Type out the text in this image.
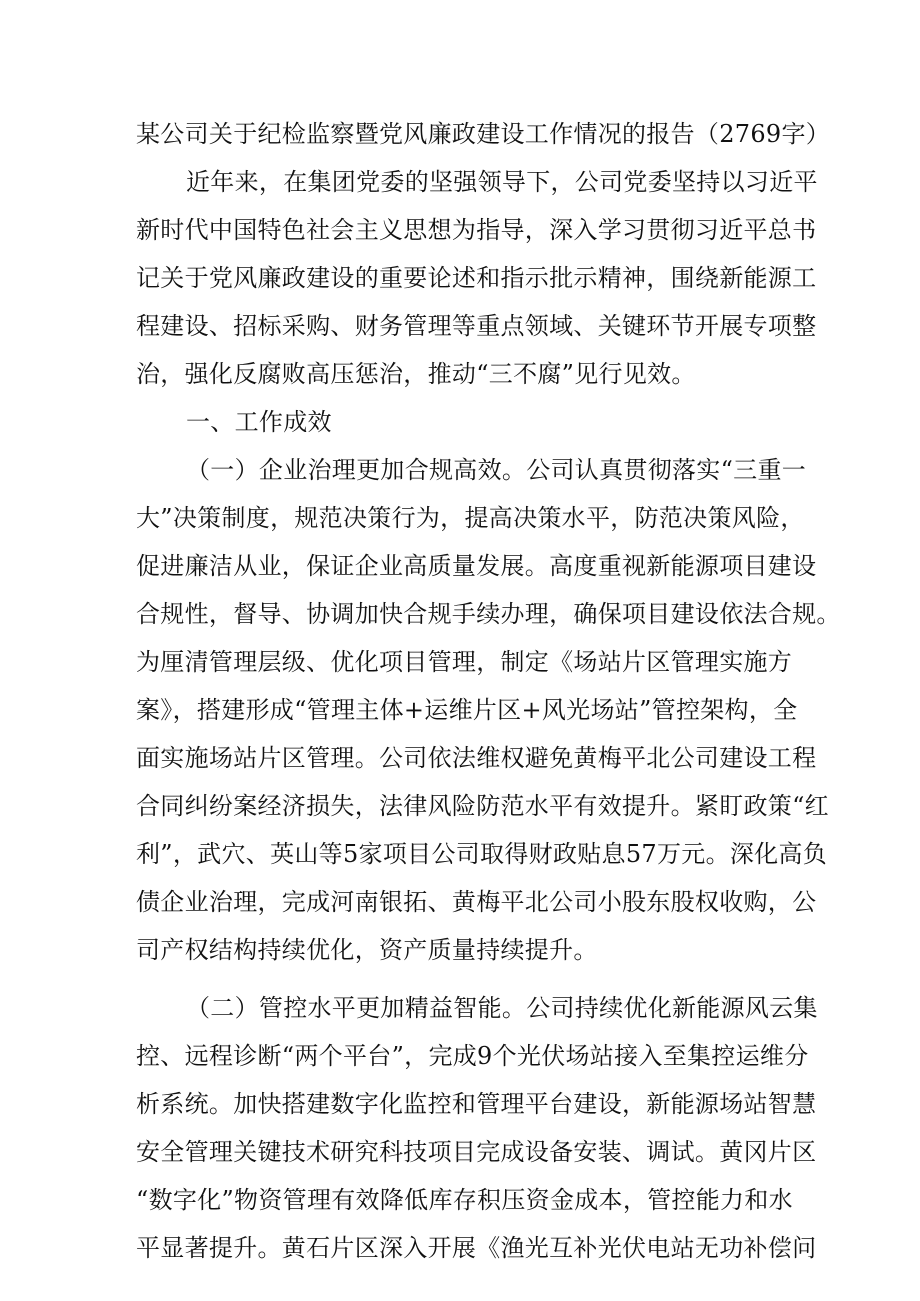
某公司关于纪检监察暨党风廉政建设工作情况的报告（2769字）
近年来，在集团党委的坚强领导下，公司党委坚持以习近平
新时代中国特色社会主义思想为指导，深入学习贯彻习近平总书
记关于党风廉政建设的重要论述和指示批示精神，围绕新能源工
程建设、招标采购、财务管理等重点领域、关键环节开展专项整
治，强化反腐败高压惩治，推动“三不腐”见行见效。
一、工作成效
（一）企业治理更加合规高效。公司认真贯彻落实“三重一
大”决策制度，规范决策行为，提高决策水平，防范决策风险，
促进廉洁从业，保证企业高质量发展。高度重视新能源项目建设
合规性，督导、协调加快合规手续办理，确保项目建设依法合规。
为厘清管理层级、优化项目管理，制定《场站片区管理实施方
案》，搭建形成“管理主体+运维片区+风光场站”管控架构，全
面实施场站片区管理。公司依法维权避免黄梅平北公司建设工程
合同纠纷案经济损失，法律风险防范水平有效提升。紧盯政策“红
利”，武穴、英山等5家项目公司取得财政贴息57万元。深化高负
债企业治理，完成河南银拓、黄梅平北公司小股东股权收购，公
司产权结构持续优化，资产质量持续提升。
（二）管控水平更加精益智能。公司持续优化新能源风云集
控、远程诊断“两个平台”，完成9个光伏场站接入至集控运维分
析系统。加快搭建数字化监控和管理平台建设，新能源场站智慧
安全管理关键技术研究科技项目完成设备安装、调试。黄冈片区
“数字化”物资管理有效降低库存积压资金成本，管控能力和水
平显著提升。黄石片区深入开展《渔光互补光伏电站无功补偿问
